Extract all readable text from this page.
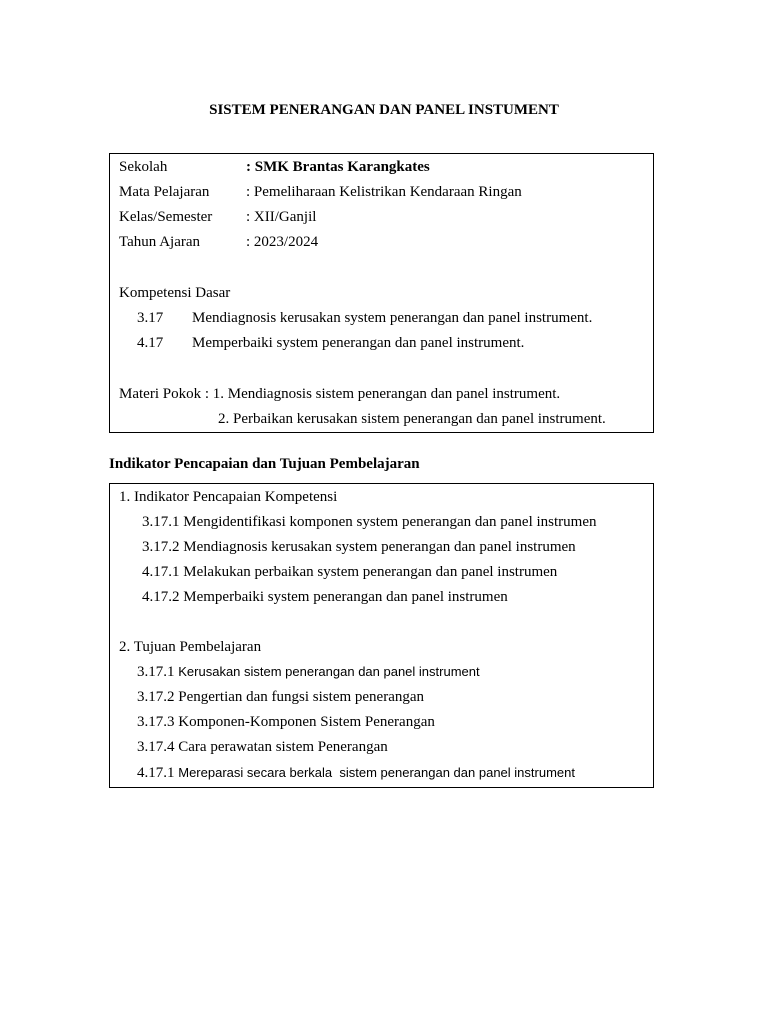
SISTEM PENERANGAN DAN PANEL INSTUMENT
Sekolah	: SMK Brantas Karangkates
Mata Pelajaran : Pemeliharaan Kelistrikan Kendaraan Ringan
Kelas/Semester : XII/Ganjil
Tahun Ajaran	: 2023/2024
Kompetensi Dasar
3.17 Mendiagnosis kerusakan system penerangan dan panel instrument.
4.17 Memperbaiki system penerangan dan panel instrument.
Materi Pokok : 1. Mendiagnosis sistem penerangan dan panel instrument.
2. Perbaikan kerusakan sistem penerangan dan panel instrument.
Indikator Pencapaian dan Tujuan Pembelajaran
1. Indikator Pencapaian Kompetensi
3.17.1 Mengidentifikasi komponen system penerangan dan panel instrumen
3.17.2 Mendiagnosis kerusakan system penerangan dan panel instrumen
4.17.1 Melakukan perbaikan system penerangan dan panel instrumen
4.17.2 Memperbaiki system penerangan dan panel instrumen
2. Tujuan Pembelajaran
3.17.1 Kerusakan sistem penerangan dan panel instrument
3.17.2 Pengertian dan fungsi sistem penerangan
3.17.3 Komponen-Komponen Sistem Penerangan
3.17.4 Cara perawatan sistem Penerangan
4.17.1 Mereparasi secara berkala  sistem penerangan dan panel instrument
